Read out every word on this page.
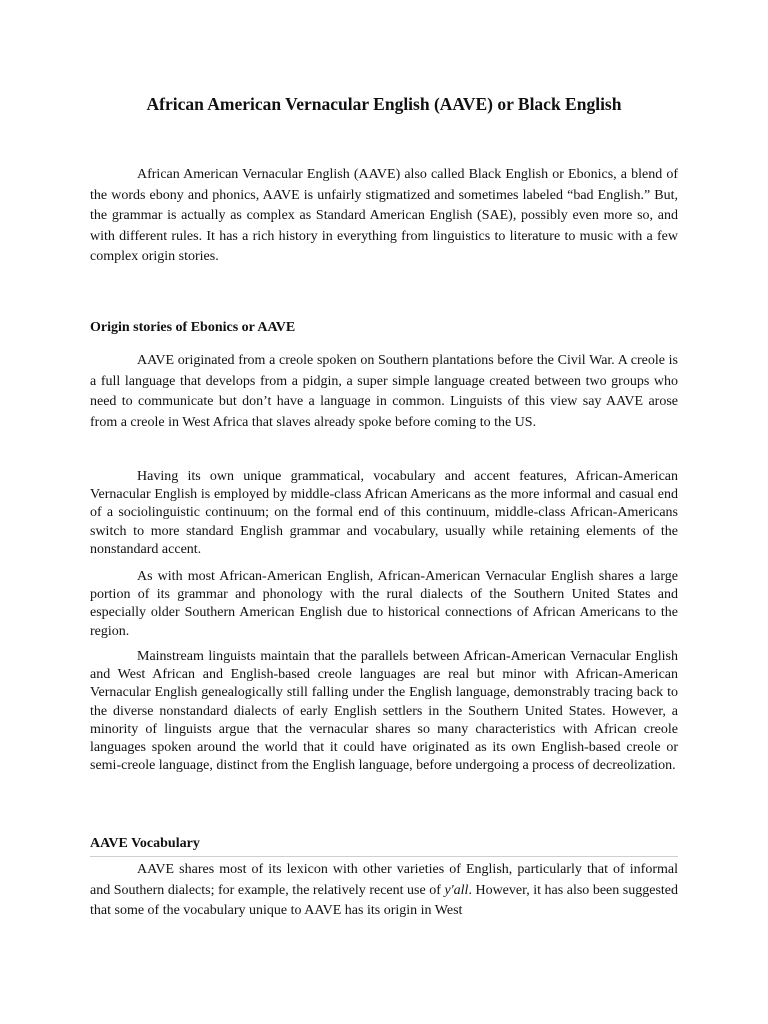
African American Vernacular English (AAVE) or Black English

African American Vernacular English (AAVE) also called Black English or Ebonics, a blend of the words ebony and phonics, AAVE is unfairly stigmatized and sometimes labeled “bad English.” But, the grammar is actually as complex as Standard American English (SAE), possibly even more so, and with different rules. It has a rich history in everything from linguistics to literature to music with a few complex origin stories.

Origin stories of Ebonics or AAVE

AAVE originated from a creole spoken on Southern plantations before the Civil War. A creole is a full language that develops from a pidgin, a super simple language created between two groups who need to communicate but don’t have a language in common. Linguists of this view say AAVE arose from a creole in West Africa that slaves already spoke before coming to the US.

Having its own unique grammatical, vocabulary and accent features, African-American Vernacular English is employed by middle-class African Americans as the more informal and casual end of a sociolinguistic continuum; on the formal end of this continuum, middle-class African-Americans switch to more standard English grammar and vocabulary, usually while retaining elements of the nonstandard accent.

As with most African-American English, African-American Vernacular English shares a large portion of its grammar and phonology with the rural dialects of the Southern United States and especially older Southern American English due to historical connections of African Americans to the region.

Mainstream linguists maintain that the parallels between African-American Vernacular English and West African and English-based creole languages are real but minor with African-American Vernacular English genealogically still falling under the English language, demonstrably tracing back to the diverse nonstandard dialects of early English settlers in the Southern United States. However, a minority of linguists argue that the vernacular shares so many characteristics with African creole languages spoken around the world that it could have originated as its own English-based creole or semi-creole language, distinct from the English language, before undergoing a process of decreolization.

AAVE Vocabulary

AAVE shares most of its lexicon with other varieties of English, particularly that of informal and Southern dialects; for example, the relatively recent use of y'all. However, it has also been suggested that some of the vocabulary unique to AAVE has its origin in West
